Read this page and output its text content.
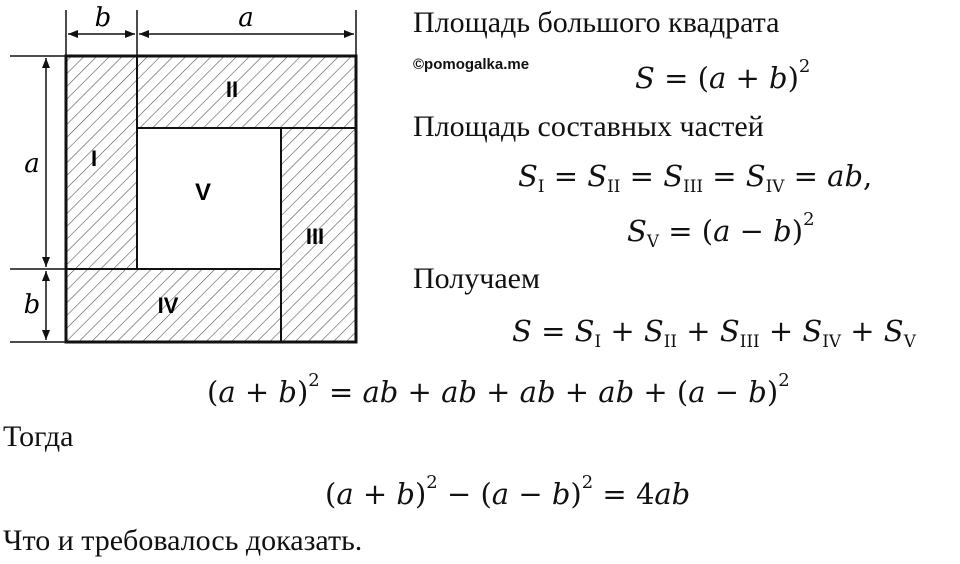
b	a
a
b
I
II
III
IV
V
©pomogalka.me
Площадь большого квадрата
$S = (a + b)^2$
Площадь составных частей
$S_I = S_{II} = S_{III} = S_{IV}$ = ab,
$S_V = (a - b)^2$
Получаем
$S = S_I + S_{II} + S_{III} + S_{IV} + S_V$
$(a + b)^2$ = ab + ab + ab + ab + $(a - b)^2$
Тогда
$(a + b)^2 - (a - b)^2 = 4ab$
Что и требовалось доказать.
